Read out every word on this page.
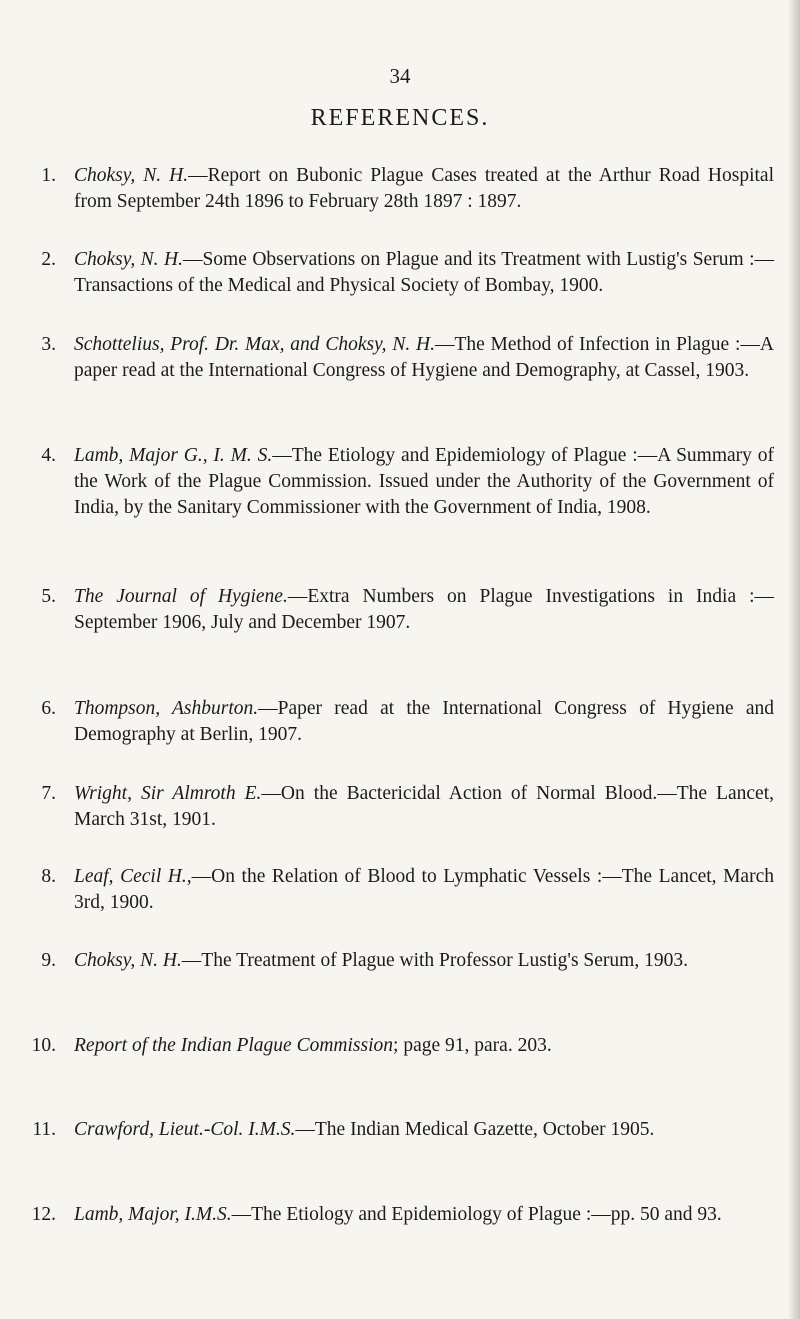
34
REFERENCES.
1. Choksy, N. H.—Report on Bubonic Plague Cases treated at the Arthur Road Hospital from September 24th 1896 to February 28th 1897 : 1897.
2. Choksy, N. H.—Some Observations on Plague and its Treatment with Lustig's Serum :—Transactions of the Medical and Physical Society of Bombay, 1900.
3. Schottelius, Prof. Dr. Max, and Choksy, N. H.—The Method of Infection in Plague :—A paper read at the International Congress of Hygiene and Demography, at Cassel, 1903.
4. Lamb, Major G., I. M. S.—The Etiology and Epidemiology of Plague :—A Summary of the Work of the Plague Commission. Issued under the Authority of the Government of India, by the Sanitary Commissioner with the Government of India, 1908.
5. The Journal of Hygiene.—Extra Numbers on Plague Investigations in India :—September 1906, July and December 1907.
6. Thompson, Ashburton.—Paper read at the International Congress of Hygiene and Demography at Berlin, 1907.
7. Wright, Sir Almroth E.—On the Bactericidal Action of Normal Blood.—The Lancet, March 31st, 1901.
8. Leaf, Cecil H.,—On the Relation of Blood to Lymphatic Vessels :—The Lancet, March 3rd, 1900.
9. Choksy, N. H.—The Treatment of Plague with Professor Lustig's Serum, 1903.
10. Report of the Indian Plague Commission; page 91, para. 203.
11. Crawford, Lieut.-Col. I.M.S.—The Indian Medical Gazette, October 1905.
12. Lamb, Major, I.M.S.—The Etiology and Epidemiology of Plague :—pp. 50 and 93.
